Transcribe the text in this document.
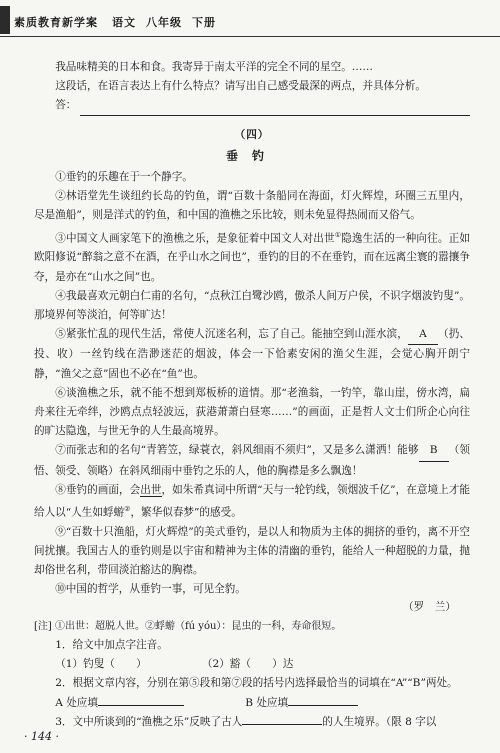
素质教育新学案 语文 八年级 下册

我品味精美的日本和食。我寄异于南太平洋的完全不同的星空。……

这段话，在语言表达上有什么特点？请写出自己感受最深的两点，并具体分析。

答：
（四）
垂钓

①垂钓的乐趣在于一个静字。

②林语堂先生谈纽约长岛的钓鱼，谓“百数十条船同在海面，灯火辉煌，环圈三五里内，尽是渔船”，则是洋式的钓鱼，和中国的渔樵之乐比较，则未免显得热闹而又俗气。

③中国文人画家笔下的渔樵之乐，是象征着中国文人对出世①隐逸生活的一种向往。正如欧阳修说“醉翁之意不在酒，在乎山水之间也”，垂钓的目的不在垂钓，而在远离尘寰的嚣攘争夺，是亦在“山水之间”也。

④我最喜欢元朝白仁甫的名句，“点秋江白鹭沙鸥，傲杀人间万户侯，不识字烟波钓叟”。那境界何等淡泊，何等旷达！

⑤紧张忙乱的现代生活，常使人沉迷名利，忘了自己。能抽空到山涯水滨， A （扔、投、收）一丝钓线在浩渺迷茫的烟波，体会一下恰素安闲的渔父生涯，会觉心胸开朗宁静，“渔父之意”固也不必在“鱼”也。

⑥谈渔樵之乐，就不能不想到郑板桥的道情。那“老渔翁，一钓竿，靠山崖，傍水湾，扁舟来往无牵绊，沙鸥点点轻波远，荻港萧萧白昼寒……”的画面，正是哲人文士们所企心向往的旷达隐逸，与世无争的人生最高境界。

⑦而张志和的名句“青箬笠，绿蓑衣，斜风细雨不须归”，又是多么潇洒！能够 B （领悟、领受、领略）在斜风细雨中垂钓之乐的人，他的胸襟是多么飘逸！

⑧垂钓的画面，会出世，如朱希真词中所谓“天与一轮钓线，领烟波千亿”，在意境上才能给人以“人生如蜉蝣②，繁华似春梦”的感受。

⑨“百数十只渔船，灯火辉煌”的美式垂钓，是以人和物质为主体的拥挤的垂钓，离不开空间扰攘。我国古人的垂钓则是以宇宙和精神为主体的清幽的垂钓，能给人一种超脱的力量，抛却俗世名利，带回淡泊豁达的胸襟。

⑩中国的哲学，从垂钓一事，可见全豹。

（罗　兰）

[注] ①出世：超脱人世。②蜉蝣（fú yóu）：昆虫的一科，寿命很短。

1．给文中加点字注音。

（1）钓叟（　　）	（2）豁（　　）达

2．根据文章内容，分别在第⑤段和第⑦段的括号内选择最恰当的词填在“A”“B”两处。

A 处应填	B 处应填

3．文中所谈到的“渔樵之乐”反映了古人	的人生境界。（限 8 字以

· 144 ·
